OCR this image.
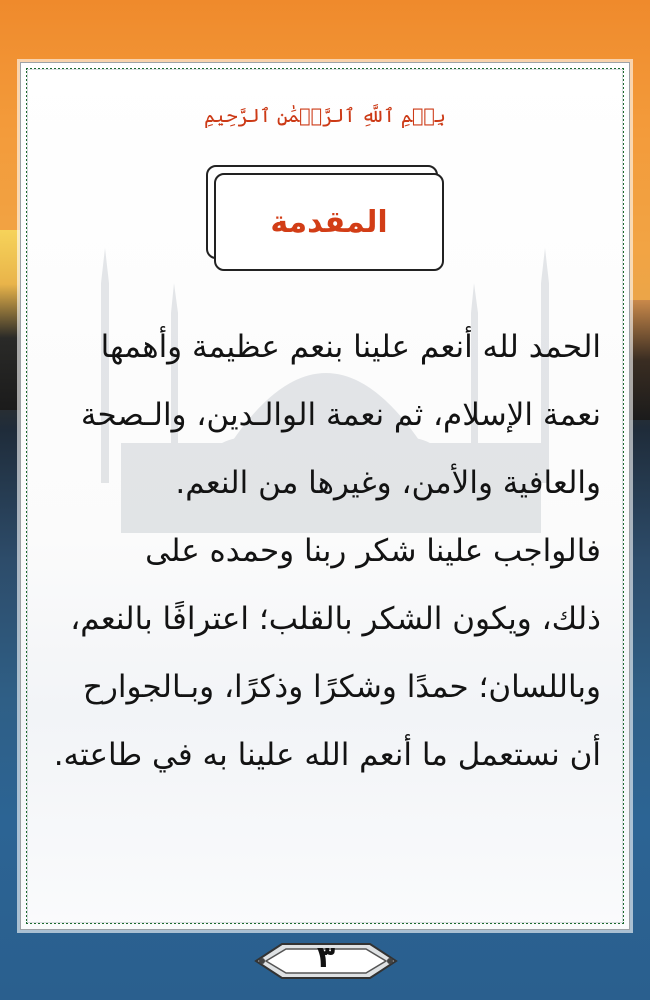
بِسۡمِ ٱللَّهِ ٱلرَّحۡمَٰنِ ٱلرَّحِيمِ
المقدمة
الحمد لله أنعم علينا بنعم عظيمة وأهمها
نعمة الإسلام، ثم نعمة الوالـدين، والـصحة
والعافية والأمن، وغيرها من النعم.
فالواجب علينا شكر ربنا وحمده على
ذلك، ويكون الشكر بالقلب؛ اعترافًا بالنعم،
وباللسان؛ حمدًا وشكرًا وذكرًا، وبـالجوارح
أن نستعمل ما أنعم الله علينا به في طاعته.
٣
